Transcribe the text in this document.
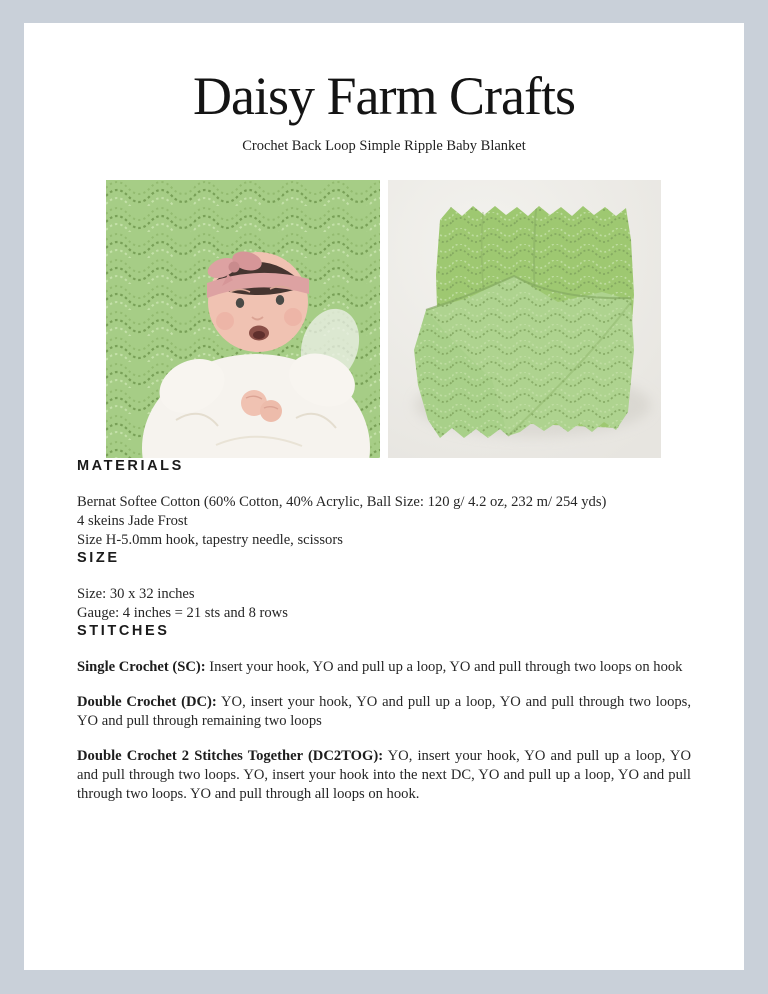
Daisy Farm Crafts
Crochet Back Loop Simple Ripple Baby Blanket
MATERIALS
Bernat Softee Cotton (60% Cotton, 40% Acrylic, Ball Size: 120 g/ 4.2 oz, 232 m/ 254 yds)
4 skeins Jade Frost
Size H-5.0mm hook, tapestry needle, scissors
SIZE
Size: 30 x 32 inches
Gauge: 4 inches = 21 sts and 8 rows
STITCHES

Single Crochet (SC): Insert your hook, YO and pull up a loop, YO and pull through two loops on hook

Double Crochet (DC): YO, insert your hook, YO and pull up a loop, YO and pull through two loops, YO and pull through remaining two loops

Double Crochet 2 Stitches Together (DC2TOG): YO, insert your hook, YO and pull up a loop, YO and pull through two loops. YO, insert your hook into the next DC, YO and pull up a loop, YO and pull through two loops. YO and pull through all loops on hook.
